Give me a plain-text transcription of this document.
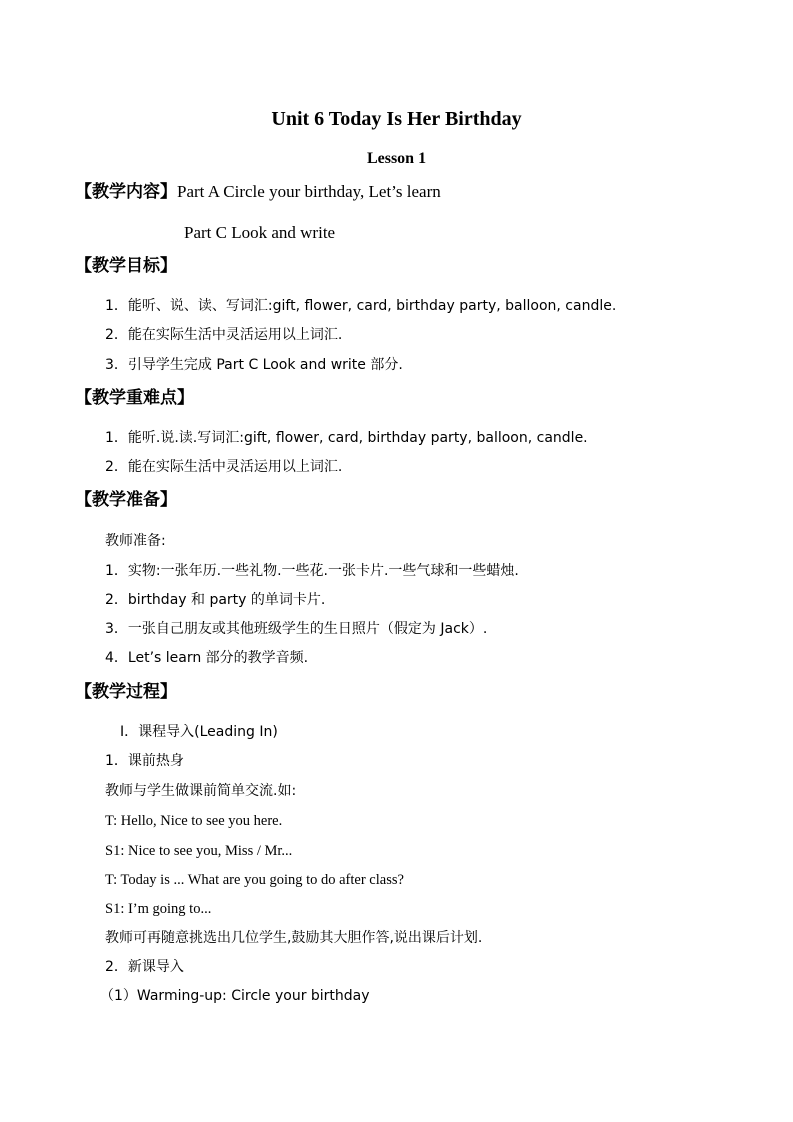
Unit 6 Today Is Her Birthday
Lesson 1
【教学内容】Part A Circle your birthday, Let’s learn
Part C Look and write
【教学目标】
1．能听、说、读、写词汇:gift, flower, card, birthday party, balloon, candle.
2．能在实际生活中灵活运用以上词汇.
3．引导学生完成 Part C Look and write 部分.
【教学重难点】
1．能听.说.读.写词汇:gift, flower, card, birthday party, balloon, candle.
2．能在实际生活中灵活运用以上词汇.
【教学准备】
教师准备:
1．实物:一张年历.一些礼物.一些花.一张卡片.一些气球和一些蜡烛.
2．birthday 和 party 的单词卡片.
3．一张自己朋友或其他班级学生的生日照片（假定为 Jack）.
4．Let’s learn 部分的教学音频.
【教学过程】
Ⅰ．课程导入(Leading In)
1．课前热身
教师与学生做课前简单交流.如:
T: Hello, Nice to see you here.
S1: Nice to see you, Miss / Mr...
T: Today is ... What are you going to do after class?
S1: I’m going to...
教师可再随意挑选出几位学生,鼓励其大胆作答,说出课后计划.
2．新课导入
（1）Warming-up: Circle your birthday
